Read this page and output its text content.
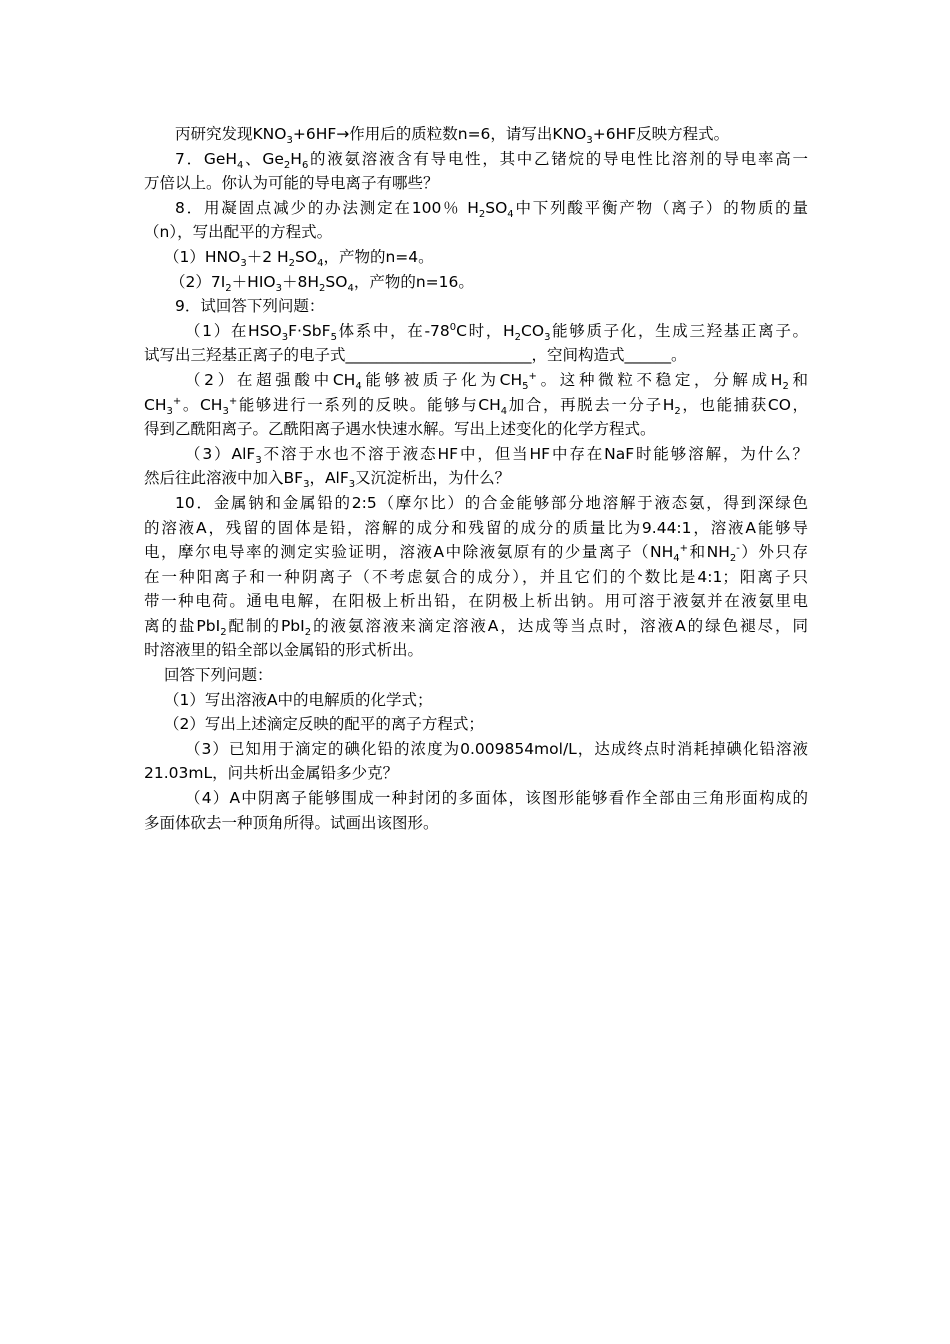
丙研究发现$KNO_3+6HF\to$作用后的质粒数n=6，请写出$KNO_3+6HF$反映方程式。
7．GeH$_4$、$Ge_2H_6$的液氨溶液含有导电性，其中乙锗烷的导电性比溶剂的导电率高一
万倍以上。你认为可能的导电离子有哪些？
8．用凝固点减少的办法测定在100％ $H_2SO_4$中下列酸平衡产物（离子）的物质的量
（n），写出配平的方程式。
$(1)HNO_3+2$ $H_2SO_4$，产物的n=4。
$(2)7I_2+HIO_3+8H_2SO_4$，产物的n=16。
9．试回答下列问题：
（1）在$HSO_3F\cdot SbF_5$体系中，在$-78^0C$时，$H_2CO_3$能够质子化，生成三羟基正离子。
试写出三羟基正离子的电子式________________________，空间构造式______。
（2）在超强酸中$CH_4$能够被质子化为$CH_5^+$。这种微粒不稳定，分解成$H_2$和
$CH_3^+$。$CH_3^+$能够进行一系列的反映。能够与$CH_4$加合，再脱去一分子$H_2$，也能捕获CO，
得到乙酰阳离子。乙酰阳离子遇水快速水解。写出上述变化的化学方程式。
（3）AlF$_3$不溶于水也不溶于液态HF中，但当HF中存在NaF时能够溶解，为什么？
然后往此溶液中加入$BF_3$，AlF$_3$又沉淀析出，为什么？
10．金属钠和金属铅的2:5（摩尔比）的合金能够部分地溶解于液态氨，得到深绿色
的溶液A，残留的固体是铅，溶解的成分和残留的成分的质量比为9.44:1，溶液A能够导
电，摩尔电导率的测定实验证明，溶液A中除液氨原有的少量离子（$NH_4^+$和$NH_2^-$）外只存
在一种阳离子和一种阴离子（不考虑氨合的成分），并且它们的个数比是4:1；阳离子只
带一种电荷。通电电解，在阳极上析出铅，在阴极上析出钠。用可溶于液氨并在液氨里电
离的盐PbI$_2$配制的PbI$_2$的液氨溶液来滴定溶液A，达成等当点时，溶液A的绿色褪尽，同
时溶液里的铅全部以金属铅的形式析出。
回答下列问题：
（1）写出溶液A中的电解质的化学式；
（2）写出上述滴定反映的配平的离子方程式；
（3）已知用于滴定的碘化铅的浓度为0.009854mol/L，达成终点时消耗掉碘化铅溶液
21.03mL，问共析出金属铅多少克？
（4）A中阴离子能够围成一种封闭的多面体，该图形能够看作全部由三角形面构成的
多面体砍去一种顶角所得。试画出该图形。
